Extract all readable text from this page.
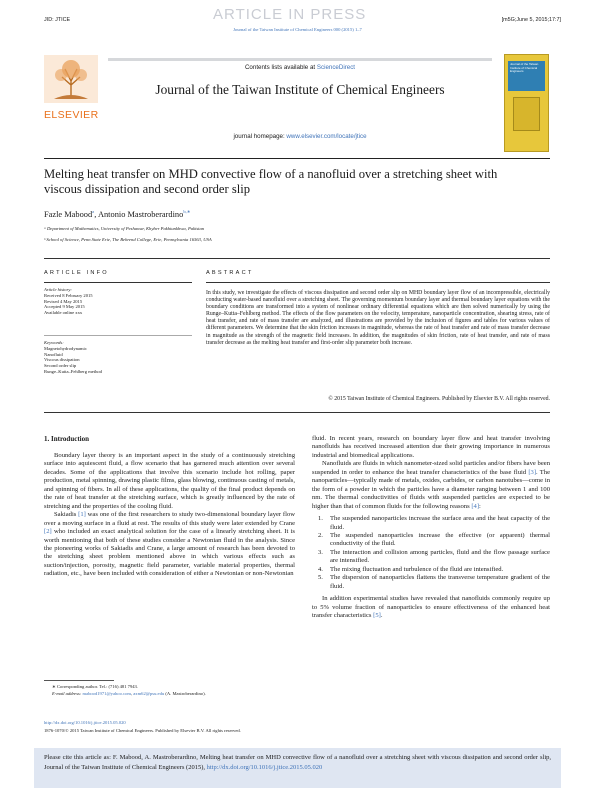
JID: JTICE	ARTICLE IN PRESS	[m5G;June 5, 2015;17:7]
Journal of the Taiwan Institute of Chemical Engineers 000 (2015) 1–7
ELSEVIER
Contents lists available at ScienceDirect
Journal of the Taiwan Institute of Chemical Engineers
journal homepage: www.elsevier.com/locate/jtice
Journal of the Taiwan Institute of Chemical Engineers
Melting heat transfer on MHD convective flow of a nanofluid over a stretching sheet with viscous dissipation and second order slip
Fazle Mabood$^a$, Antonio Mastroberardino$^{b,∗}$
ᵃ Department of Mathematics, University of Peshawar, Khyber Pakhtunkhwa, Pakistan
ᵇ School of Science, Penn State Erie, The Behrend College, Erie, Pennsylvania 16563, USA
ARTICLE INFO
Article history:
Received 8 February 2015
Revised 4 May 2015
Accepted 9 May 2015
Available online xxx
Keywords:
Magnetohydrodynamic
Nanofluid
Viscous dissipation
Second order slip
Runge–Kutta–Fehlberg method
ABSTRACT
In this study, we investigate the effects of viscous dissipation and second order slip on MHD boundary layer flow of an incompressible, electrically conducting water-based nanofluid over a stretching sheet. The governing momentum boundary layer and thermal boundary layer equations with the boundary conditions are transformed into a system of nonlinear ordinary differential equations which are then solved numerically by using the Runge–Kutta–Fehlberg method. The effects of the flow parameters on the velocity, temperature, nanoparticle concentration, shearing stress, rate of heat transfer, and rate of mass transfer are analyzed, and illustrations are provided by the inclusion of figures and tables for various values of different parameters. We determine that the skin friction increases in magnitude, whereas the rate of heat transfer and rate of mass transfer decrease in magnitude as the strength of the magnetic field increases. In addition, the magnitudes of skin friction, rate of heat transfer, and rate of mass transfer decrease as the melting heat transfer and first-order slip parameter both increase.
© 2015 Taiwan Institute of Chemical Engineers. Published by Elsevier B.V. All rights reserved.
1. Introduction

Boundary layer theory is an important aspect in the study of a continuously stretching surface into aquiescent fluid, a flow scenario that has garnered much attention over several decades. Some of the applications that involve this scenario include hot rolling, paper production, metal spinning, drawing plastic films, glass blowing, continuous casting of metals, and spinning of fibers. In all of these applications, the quality of the final product depends on the rate of heat transfer at the stretching surface, which is greatly influenced by the rate of stretching and the properties of the cooling fluid.

Sakiadis [1] was one of the first researchers to study two-dimensional boundary layer flow over a moving surface in a fluid at rest. The results of this study were later extended by Crane [2] who included an exact analytical solution for the case of a linearly stretching sheet. It is worth mentioning that both of these studies consider a Newtonian fluid in the analysis. Since the pioneering works of Sakiadis and Crane, a large amount of research has been devoted to the stretching sheet problem mentioned above in which various effects such as suction/injection, porosity, magnetic field parameter, variable material properties, thermal radiation, etc., have been included with consideration of either a Newtonian or non-Newtonian

fluid. In recent years, research on boundary layer flow and heat transfer involving nanofluids has received increased attention due their growing importance in numerous industrial and biomedical applications.

Nanofluids are fluids in which nanometer-sized solid particles and/or fibers have been suspended in order to enhance the heat transfer characteristics of the base fluid [3]. The nanoparticles—typically made of metals, oxides, carbides, or carbon nanotubes—come in the form of a powder in which the particles have a diameter ranging between 1 and 100 nm. The thermal conductivities of fluids with suspended particles are expected to be higher than that of common fluids for the following reasons [4]:

1.	The suspended nanoparticles increase the surface area and the heat capacity of the fluid.
2.	The suspended nanoparticles increase the effective (or apparent) thermal conductivity of the fluid.
3.	The interaction and collision among particles, fluid and the flow passage surface are intensified.
4.	The mixing fluctuation and turbulence of the fluid are intensified.
5.	The dispersion of nanoparticles flattens the transverse temperature gradient of the fluid.

In addition experimental studies have revealed that nanofluids commonly require up to 5% volume fraction of nanoparticles to ensure effectiveness of the enhanced heat transfer characteristics [5].

∗ Corresponding author. Tel.: (716) 481 7943.
E-mail address: mabood1971@yahoo.com, axm62@psu.edu (A. Mastroberardino).
http://dx.doi.org/10.1016/j.jtice.2015.05.020
1876-1070/© 2015 Taiwan Institute of Chemical Engineers. Published by Elsevier B.V. All rights reserved.
Please cite this article as: F. Mabood, A. Mastroberardino, Melting heat transfer on MHD convective flow of a nanofluid over a stretching sheet with viscous dissipation and second order slip, Journal of the Taiwan Institute of Chemical Engineers (2015), http://dx.doi.org/10.1016/j.jtice.2015.05.020
